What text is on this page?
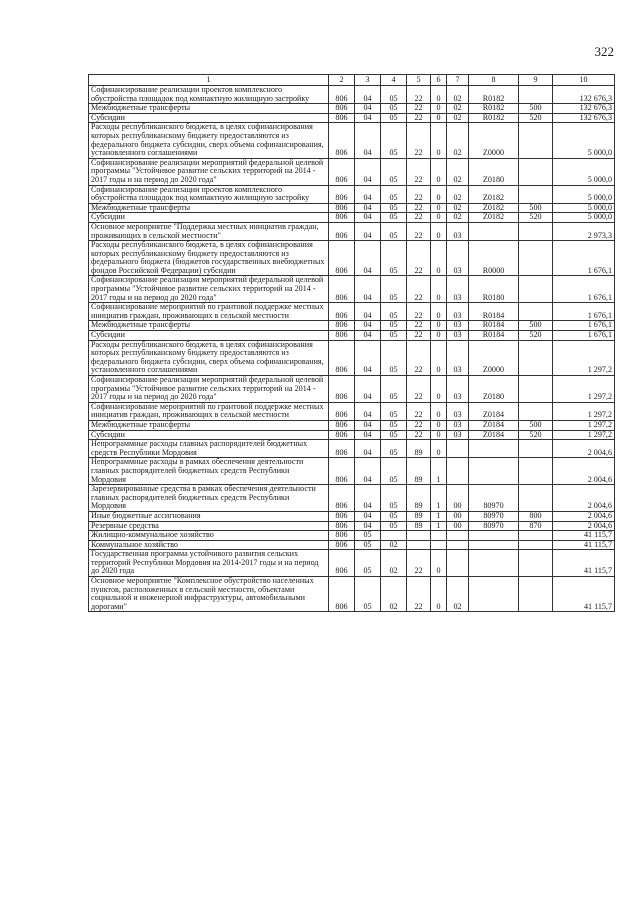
322
1	2	3	4	5	6	7	8	9	10
Софинансирование реализации проектов комплексного обустройства площадок под компактную жилищную застройку	806	04	05	22	0	02	R0182		132 676,3
Межбюджетные трансферты	806	04	05	22	0	02	R0182	500	132 676,3
Субсидии	806	04	05	22	0	02	R0182	520	132 676,3
Расходы республиканского бюджета, в целях софинансирования которых республиканскому бюджету предоставляются из федерального бюджета субсидии, сверх объема софинансирования, установленного соглашениями	806	04	05	22	0	02	Z0000		5 000,0
Софинансирование реализации мероприятий федеральной целевой программы "Устойчивое развитие сельских территорий на 2014 - 2017 годы и на период до 2020 года"	806	04	05	22	0	02	Z0180		5 000,0
Софинансирование реализации проектов комплексного обустройства площадок под компактную жилищную застройку	806	04	05	22	0	02	Z0182		5 000,0
Межбюджетные трансферты	806	04	05	22	0	02	Z0182	500	5 000,0
Субсидии	806	04	05	22	0	02	Z0182	520	5 000,0
Основное мероприятие "Поддержка местных инициатив граждан, проживающих в сельской местности"	806	04	05	22	0	03			2 973,3
Расходы республиканского бюджета, в целях софинансирования которых республиканскому бюджету предоставляются из федерального бюджета (бюджетов государственных внебюджетных фондов Российской Федерации) субсидии	806	04	05	22	0	03	R0000		1 676,1
Софинансирование реализации мероприятий федеральной целевой программы "Устойчивое развитие сельских территорий на 2014 - 2017 годы и на период до 2020 года"	806	04	05	22	0	03	R0180		1 676,1
Софинансирование мероприятий по грантовой поддержке местных инициатив граждан, проживающих в сельской местности	806	04	05	22	0	03	R0184		1 676,1
Межбюджетные трансферты	806	04	05	22	0	03	R0184	500	1 676,1
Субсидии	806	04	05	22	0	03	R0184	520	1 676,1
Расходы республиканского бюджета, в целях софинансирования которых республиканскому бюджету предоставляются из федерального бюджета субсидии, сверх объема софинансирования, установленного соглашениями	806	04	05	22	0	03	Z0000		1 297,2
Софинансирование реализации мероприятий федеральной целевой программы "Устойчивое развитие сельских территорий на 2014 - 2017 годы и на период до 2020 года"	806	04	05	22	0	03	Z0180		1 297,2
Софинансирование мероприятий по грантовой поддержке местных инициатив граждан, проживающих в сельской местности	806	04	05	22	0	03	Z0184		1 297,2
Межбюджетные трансферты	806	04	05	22	0	03	Z0184	500	1 297,2
Субсидии	806	04	05	22	0	03	Z0184	520	1 297,2
Непрограммные расходы главных распорядителей бюджетных средств Республики Мордовия	806	04	05	89	0				2 004,6
Непрограммные расходы в рамках обеспечения деятельности главных распорядителей бюджетных средств Республики Мордовия	806	04	05	89	1				2 004,6
Зарезервированные средства в рамках обеспечения деятельности главных распорядителей бюджетных средств Республики Мордовия	806	04	05	89	1	00	80970		2 004,6
Иные бюджетные ассигнования	806	04	05	89	1	00	80970	800	2 004,6
Резервные средства	806	04	05	89	1	00	80970	870	2 004,6
Жилищно-коммунальное хозяйство	806	05							41 115,7
Коммунальное хозяйство	806	05	02						41 115,7
Государственная программа устойчивого развития сельских территорий Республики Мордовия на 2014-2017 годы и на период до 2020 года	806	05	02	22	0				41 115,7
Основное мероприятие "Комплексное обустройство населенных пунктов, расположенных в сельской местности, объектами социальной и инженерной инфраструктуры, автомобильными дорогами"	806	05	02	22	0	02			41 115,7
